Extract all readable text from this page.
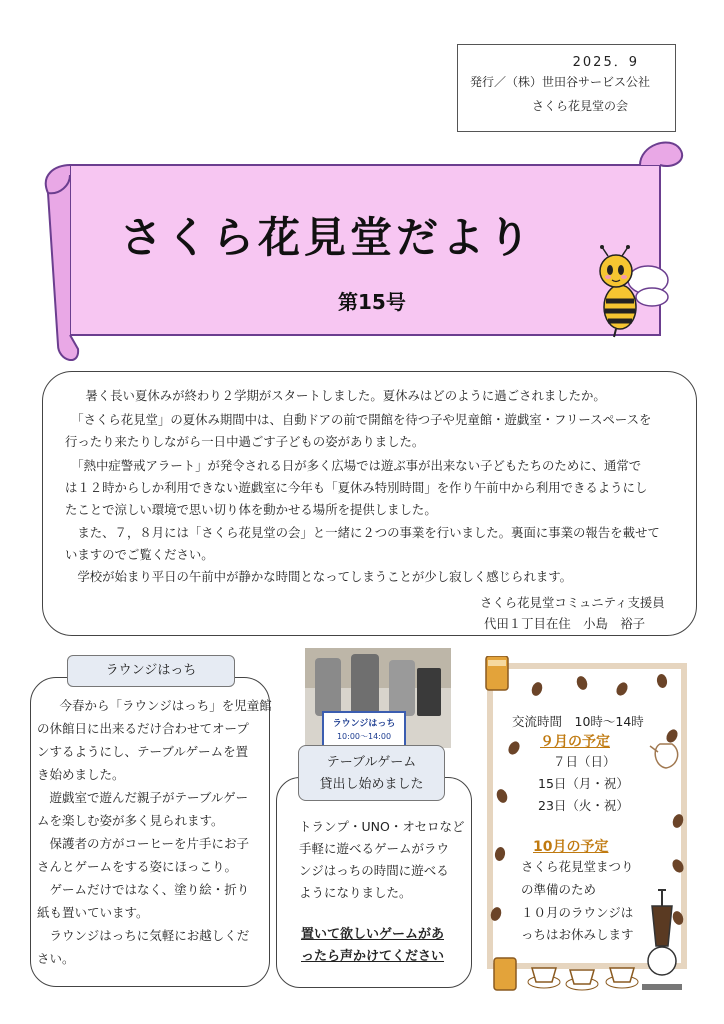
2025．9
発行／（株）世田谷サービス公社
さくら花見堂の会
さくら花見堂だより
第15号
　暑く長い夏休みが終わり２学期がスタートしました。夏休みはどのように過ごされましたか。
　「さくら花見堂」の夏休み期間中は、自動ドアの前で開館を待つ子や児童館・遊戯室・フリースペースを
行ったり来たりしながら一日中過ごす子どもの姿がありました。
　「熱中症警戒アラート」が発令される日が多く広場では遊ぶ事が出来ない子どもたちのために、通常で
は１２時からしか利用できない遊戯室に今年も「夏休み特別時間」を作り午前中から利用できるようにし
たことで涼しい環境で思い切り体を動かせる場所を提供しました。
　また、７，８月には「さくら花見堂の会」と一緒に２つの事業を行いました。裏面に事業の報告を載せて
いますのでご覧ください。
　学校が始まり平日の午前中が静かな時間となってしまうことが少し寂しく感じられます。
さくら花見堂コミュニティ支援員
代田１丁目在住　小島　裕子
　今春から「ラウンジはっち」を児童館
の休館日に出来るだけ合わせてオープ
ンするようにし、テーブルゲームを置
き始めました。
　遊戯室で遊んだ親子がテーブルゲー
ムを楽しむ姿が多く見られます。
　保護者の方がコーヒーを片手にお子
さんとゲームをする姿にほっこり。
　ゲームだけではなく、塗り絵・折り
紙も置いています。
　ラウンジはっちに気軽にお越しくだ
さい。
ラウンジはっち
ラウンジはっち
10:00～14:00
トランプ・UNO・オセロなど
手軽に遊べるゲームがラウ
ンジはっちの時間に遊べる
ようになりました。
置いて欲しいゲームがあ
ったら声かけてください
テーブルゲーム
貸出し始めました
交流時間　10時～14時
９月の予定
７日（日）
15日（月・祝）
23日（火・祝）
10月の予定
さくら花見堂まつり
の準備のため
１０月のラウンジは
っちはお休みします
